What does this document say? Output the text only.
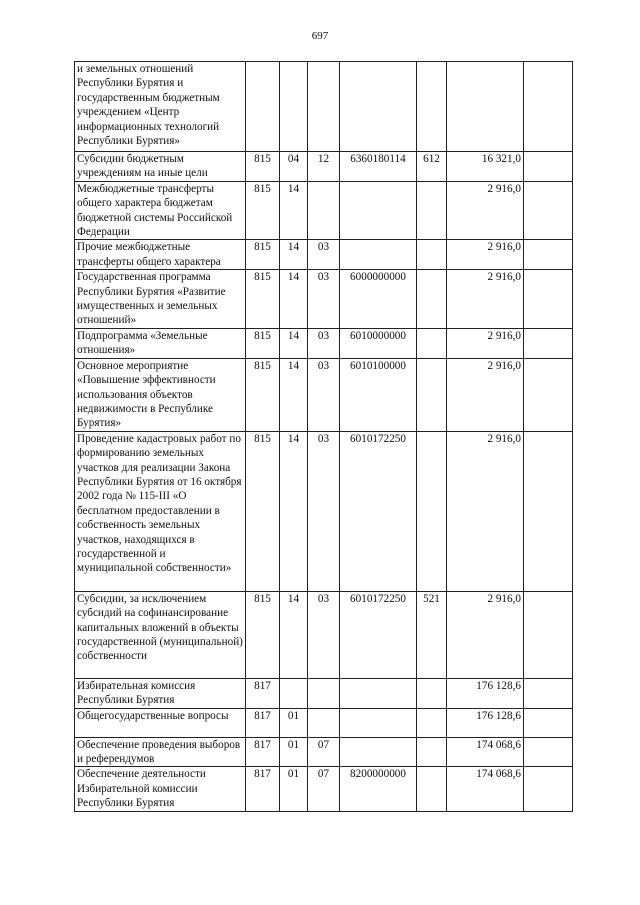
697
и земельных отношений Республики Бурятия и государственным бюджетным учреждением «Центр информационных технологий Республики Бурятия»							
Субсидии бюджетным учреждениям на иные цели	815	04	12	6360180114	612	16 321,0	
Межбюджетные трансферты общего характера бюджетам бюджетной системы Российской Федерации	815	14				2 916,0	
Прочие межбюджетные трансферты общего характера	815	14	03			2 916,0	
Государственная программа Республики Бурятия «Развитие имущественных и земельных отношений»	815	14	03	6000000000		2 916,0	
Подпрограмма «Земельные отношения»	815	14	03	6010000000		2 916,0	
Основное мероприятие «Повышение эффективности использования объектов недвижимости в Республике Бурятия»	815	14	03	6010100000		2 916,0	
Проведение кадастровых работ по формированию земельных участков для реализации Закона Республики Бурятия от 16 октября 2002 года № 115-III «О бесплатном предоставлении в собственность земельных участков, находящихся в государственной и муниципальной собственности»	815	14	03	6010172250		2 916,0	
Субсидии, за исключением субсидий на софинансирование капитальных вложений в объекты государственной (муниципальной) собственности	815	14	03	6010172250	521	2 916,0	
Избирательная комиссия Республики Бурятия	817					176 128,6	
Общегосударственные вопросы	817	01				176 128,6	
Обеспечение проведения выборов и референдумов	817	01	07			174 068,6	
Обеспечение деятельности Избирательной комиссии Республики Бурятия	817	01	07	8200000000		174 068,6	
